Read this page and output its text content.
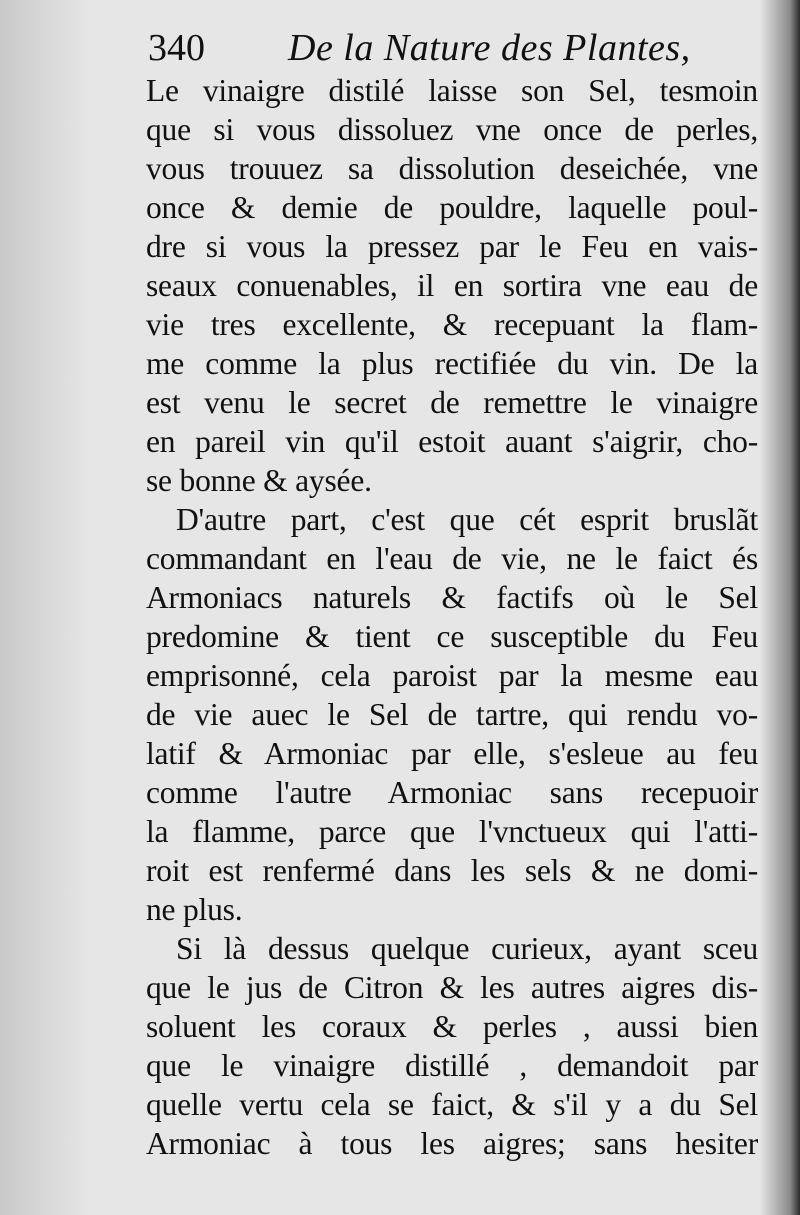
340 De la Nature des Plantes,
Le vinaigre distilé laisse son Sel, tesmoin
que si vous dissoluez vne once de perles,
vous trouuez sa dissolution deseichée, vne
once & demie de pouldre, laquelle poul-
dre si vous la pressez par le Feu en vais-
seaux conuenables, il en sortira vne eau de
vie tres excellente, & recepuant la flam-
me comme la plus rectifiée du vin. De la
est venu le secret de remettre le vinaigre
en pareil vin qu'il estoit auant s'aigrir, cho-
se bonne & aysée.
D'autre part, c'est que cét esprit bruslãt
commandant en l'eau de vie, ne le faict és
Armoniacs naturels & factifs où le Sel
predomine & tient ce susceptible du Feu
emprisonné, cela paroist par la mesme eau
de vie auec le Sel de tartre, qui rendu vo-
latif & Armoniac par elle, s'esleue au feu
comme l'autre Armoniac sans recepuoir
la flamme, parce que l'vnctueux qui l'atti-
roit est renfermé dans les sels & ne domi-
ne plus.
Si là dessus quelque curieux, ayant sceu
que le jus de Citron & les autres aigres dis-
soluent les coraux & perles , aussi bien
que le vinaigre distillé , demandoit par
quelle vertu cela se faict, & s'il y a du Sel
Armoniac à tous les aigres; sans hesiter
